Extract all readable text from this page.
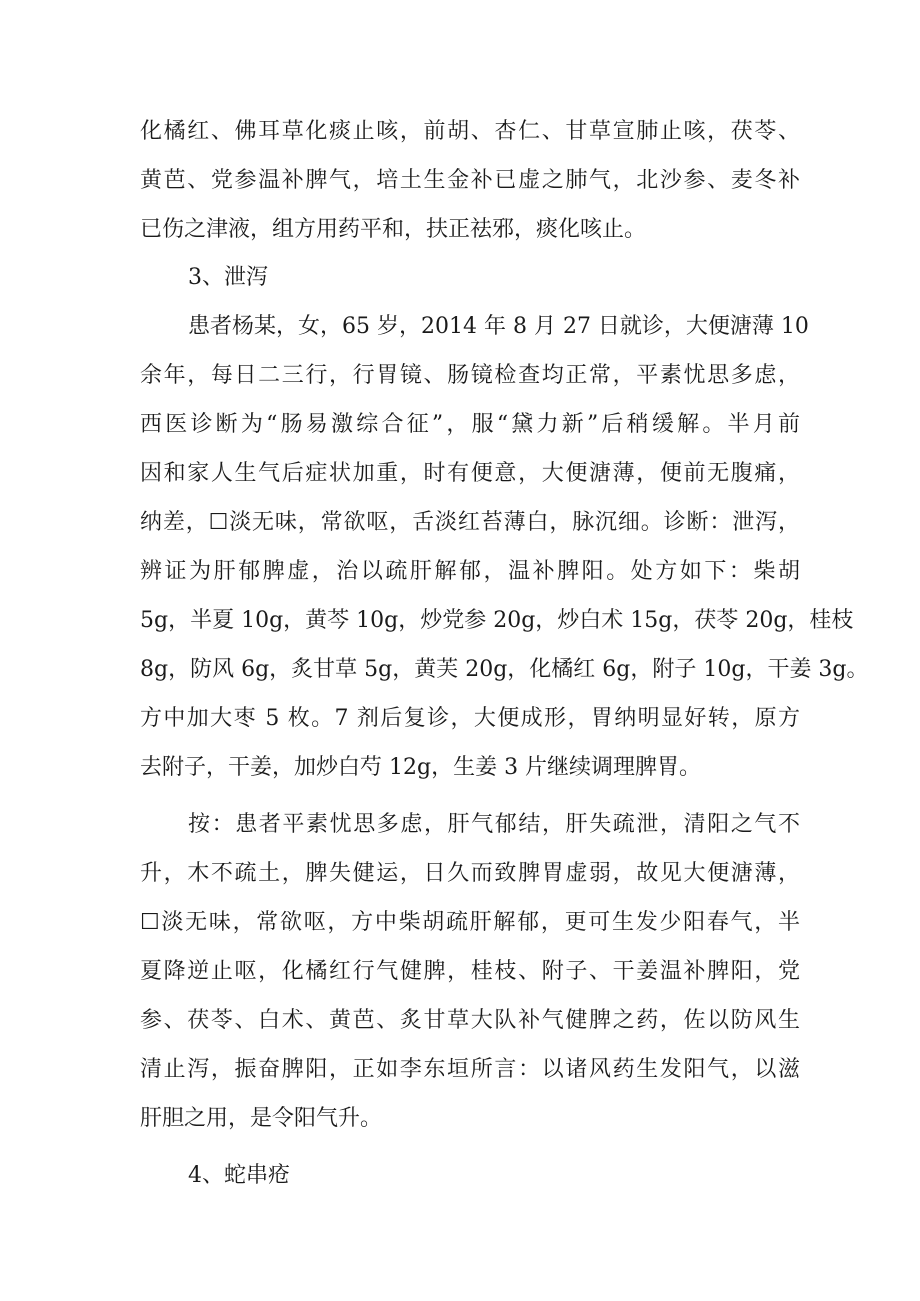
化橘红、佛耳草化痰止咳，前胡、杏仁、甘草宣肺止咳，茯苓、
黄芭、党参温补脾气，培土生金补已虚之肺气，北沙参、麦冬补
已伤之津液，组方用药平和，扶正祛邪，痰化咳止。
3、泄泻
患者杨某，女，65 岁，2014 年 8 月 27 日就诊，大便溏薄 10
余年，每日二三行，行胃镜、肠镜检查均正常，平素忧思多虑，
西医诊断为“肠易激综合征”，服“黛力新”后稍缓解。半月前
因和家人生气后症状加重，时有便意，大便溏薄，便前无腹痛，
纳差，☐淡无味，常欲呕，舌淡红苔薄白，脉沉细。诊断：泄泻，
辨证为肝郁脾虚，治以疏肝解郁，温补脾阳。处方如下：柴胡
5g，半夏 10g，黄芩 10g，炒党参 20g，炒白术 15g，茯苓 20g，桂枝
8g，防风 6g，炙甘草 5g，黄芙 20g，化橘红 6g，附子 10g，干姜 3g。
方中加大枣 5 枚。7 剂后复诊，大便成形，胃纳明显好转，原方
去附子，干姜，加炒白芍 12g，生姜 3 片继续调理脾胃。
按：患者平素忧思多虑，肝气郁结，肝失疏泄，清阳之气不
升，木不疏土，脾失健运，日久而致脾胃虚弱，故见大便溏薄，
☐淡无味，常欲呕，方中柴胡疏肝解郁，更可生发少阳春气，半
夏降逆止呕，化橘红行气健脾，桂枝、附子、干姜温补脾阳，党
参、茯苓、白术、黄芭、炙甘草大队补气健脾之药，佐以防风生
清止泻，振奋脾阳，正如李东垣所言：以诸风药生发阳气，以滋
肝胆之用，是令阳气升。
4、蛇串疮
